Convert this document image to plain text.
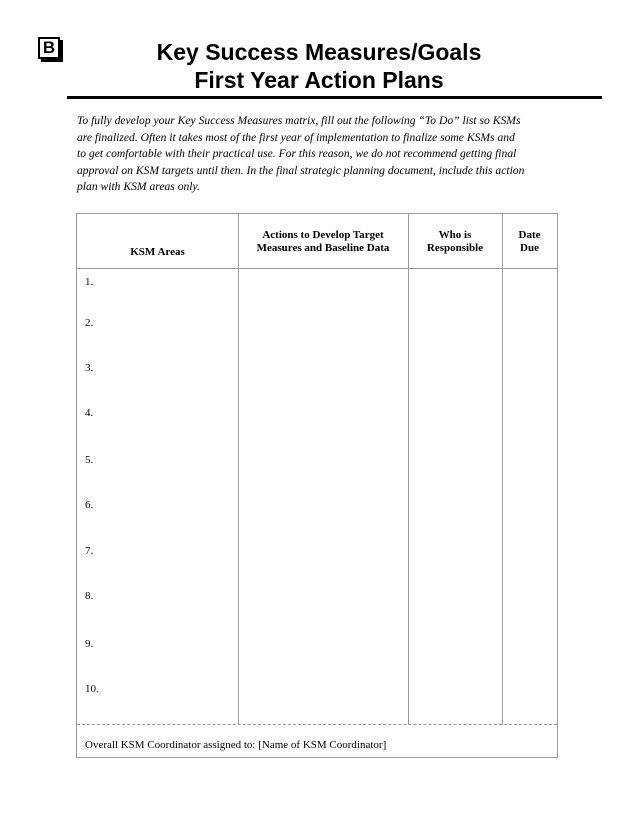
B	Key Success Measures/Goals
First Year Action Plans
To fully develop your Key Success Measures matrix, fill out the following “To Do” list so KSMs
are finalized. Often it takes most of the first year of implementation to finalize some KSMs and
to get comfortable with their practical use. For this reason, we do not recommend getting final
approval on KSM targets until then. In the final strategic planning document, include this action
plan with KSM areas only.
KSM Areas
Actions to Develop Target
Measures and Baseline Data
Who is
Responsible
Date
Due
1.
2.
3.
4.
5.
6.
7.
8.
9.
10.
Overall KSM Coordinator assigned to: [Name of KSM Coordinator]
